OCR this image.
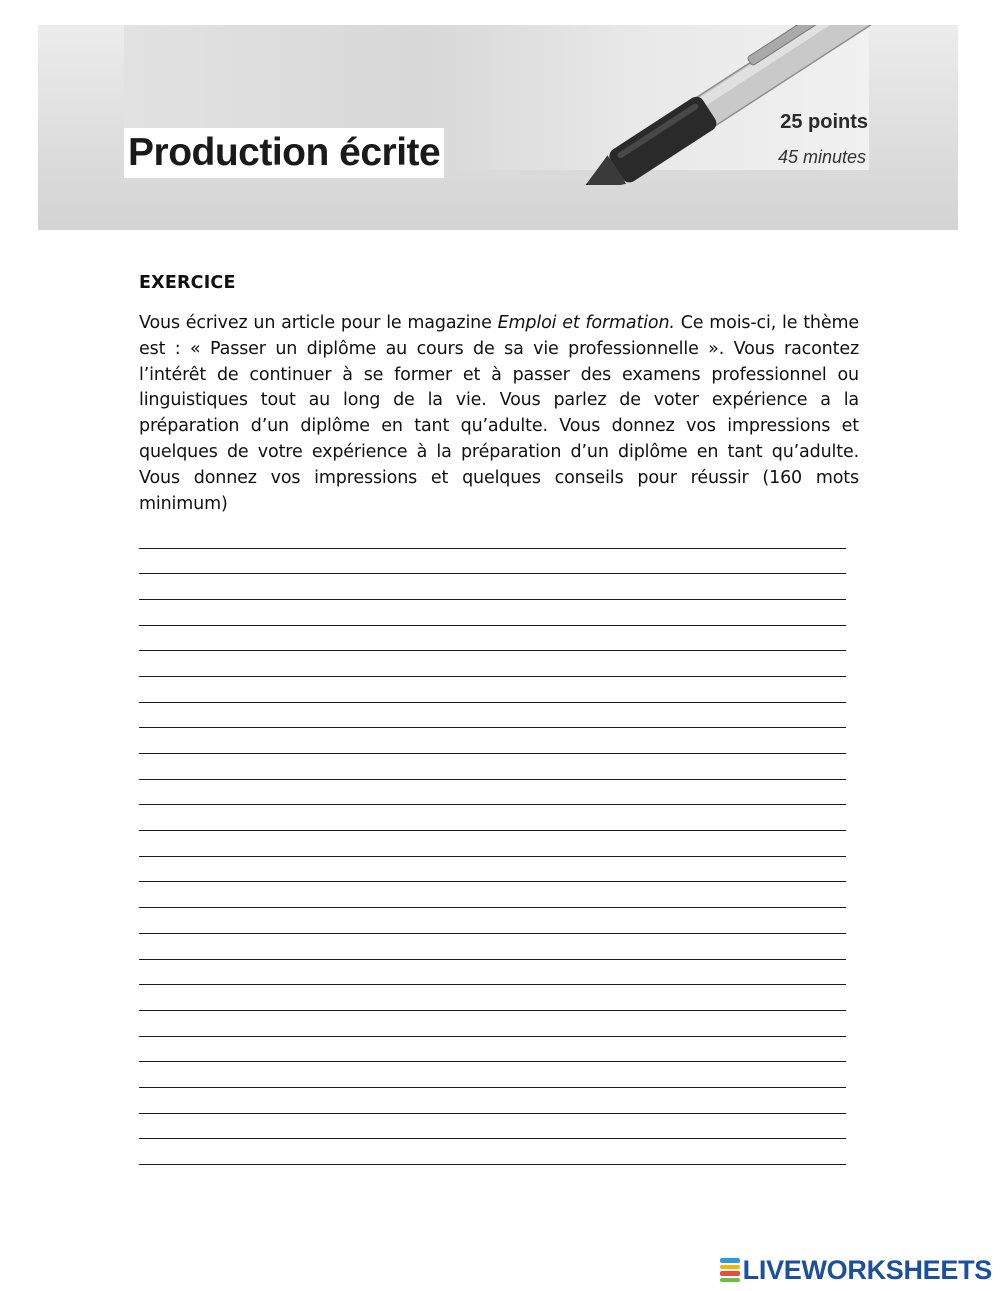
Production écrite
25 points
45 minutes
EXERCICE

Vous écrivez un article pour le magazine Emploi et formation. Ce mois-ci, le thème est : « Passer un diplôme au cours de sa vie professionnelle ». Vous racontez l’intérêt de continuer à se former et à passer des examens professionnel ou linguistiques tout au long de la vie. Vous parlez de voter expérience a la préparation d’un diplôme en tant qu’adulte. Vous donnez vos impressions et quelques de votre expérience à la préparation d’un diplôme en tant qu’adulte. Vous donnez vos impressions et quelques conseils pour réussir (160 mots minimum)

LIVEWORKSHEETS
